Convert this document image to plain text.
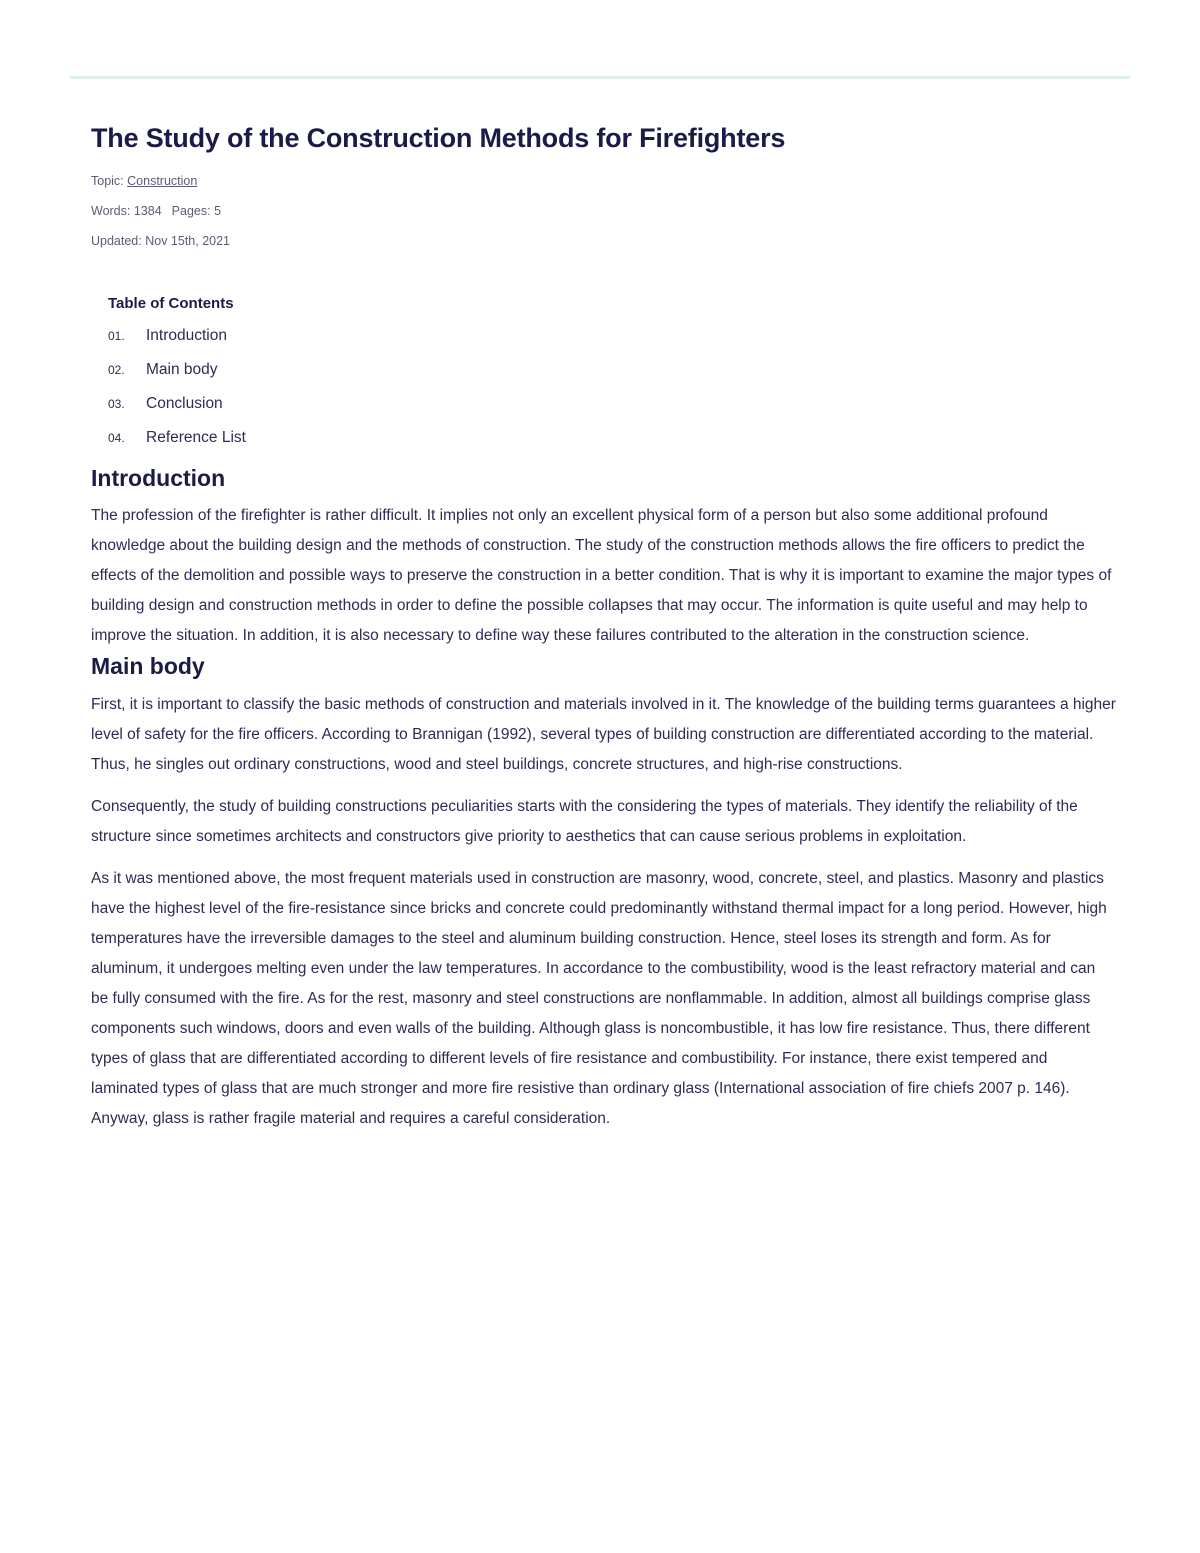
The Study of the Construction Methods for Firefighters
Topic: Construction
Words: 1384 Pages: 5
Updated: Nov 15th, 2021
Table of Contents
01.	Introduction
02.	Main body
03.	Conclusion
04.	Reference List
Introduction

The profession of the firefighter is rather difficult. It implies not only an excellent physical form of a person but also some additional profound knowledge about the building design and the methods of construction. The study of the construction methods allows the fire officers to predict the effects of the demolition and possible ways to preserve the construction in a better condition. That is why it is important to examine the major types of building design and construction methods in order to define the possible collapses that may occur. The information is quite useful and may help to improve the situation. In addition, it is also necessary to define way these failures contributed to the alteration in the construction science.

Main body

First, it is important to classify the basic methods of construction and materials involved in it. The knowledge of the building terms guarantees a higher level of safety for the fire officers. According to Brannigan (1992), several types of building construction are differentiated according to the material. Thus, he singles out ordinary constructions, wood and steel buildings, concrete structures, and high-rise constructions.

Consequently, the study of building constructions peculiarities starts with the considering the types of materials. They identify the reliability of the structure since sometimes architects and constructors give priority to aesthetics that can cause serious problems in exploitation.

As it was mentioned above, the most frequent materials used in construction are masonry, wood, concrete, steel, and plastics. Masonry and plastics have the highest level of the fire-resistance since bricks and concrete could predominantly withstand thermal impact for a long period. However, high temperatures have the irreversible damages to the steel and aluminum building construction. Hence, steel loses its strength and form. As for aluminum, it undergoes melting even under the law temperatures. In accordance to the combustibility, wood is the least refractory material and can be fully consumed with the fire. As for the rest, masonry and steel constructions are nonflammable. In addition, almost all buildings comprise glass components such windows, doors and even walls of the building. Although glass is noncombustible, it has low fire resistance. Thus, there different types of glass that are differentiated according to different levels of fire resistance and combustibility. For instance, there exist tempered and laminated types of glass that are much stronger and more fire resistive than ordinary glass (International association of fire chiefs 2007 p. 146). Anyway, glass is rather fragile material and requires a careful consideration.
